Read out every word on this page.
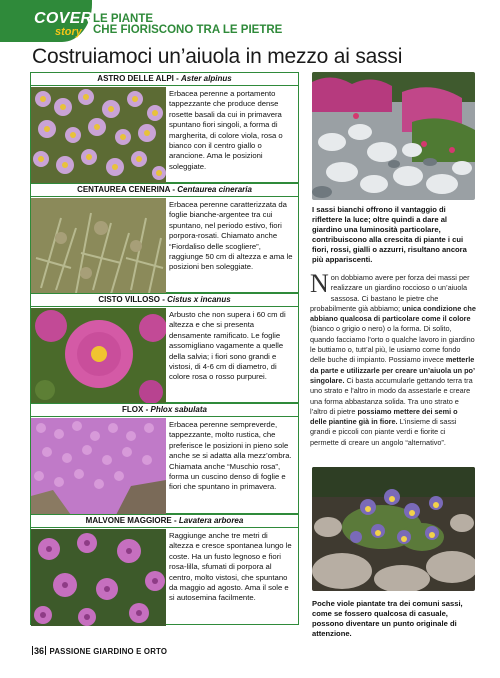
COVER
story
LE PIANTE
CHE FIORISCONO TRA LE PIETRE
Costruiamoci un’aiuola in mezzo ai sassi
ASTRO DELLE ALPI - Aster alpinus
Erbacea perenne a portamento tappezzante che produce dense rosette basali da cui in primavera spuntano fiori singoli, a forma di margherita, di colore viola, rosa o bianco con il centro giallo o arancione. Ama le posizioni soleggiate.
CENTAUREA CENERINA - Centaurea cineraria
Erbacea perenne caratterizzata da foglie bianche-argentee tra cui spuntano, nel periodo estivo, fiori porpora-rosati. Chiamato anche “Fiordaliso delle scogliere”, raggiunge 50 cm di altezza e ama le posizioni ben soleggiate.
CISTO VILLOSO - Cistus x incanus
Arbusto che non supera i 60 cm di altezza e che si presenta densamente ramificato. Le foglie assomigliano vagamente a quelle della salvia; i fiori sono grandi e vistosi, di 4-6 cm di diametro, di colore rosa o rosso purpurei.
FLOX - Phlox sabulata
Erbacea perenne sempreverde, tappezzante, molto rustica, che preferisce le posizioni in pieno sole anche se si adatta alla mezz’ombra. Chiamata anche “Muschio rosa”, forma un cuscino denso di foglie e fiori che spuntano in primavera.
MALVONE MAGGIORE - Lavatera arborea
Raggiunge anche tre metri di altezza e cresce spontanea lungo le coste. Ha un fusto legnoso e fiori rosa-lilla, sfumati di porpora al centro, molto vistosi, che spuntano da maggio ad agosto. Ama il sole e si autosemina facilmente.
I sassi bianchi offrono il vantaggio di riflettere la luce; oltre quindi a dare al giardino una luminosità particolare, contribuiscono alla crescita di piante i cui fiori, rossi, gialli o azzurri, risultano ancora più appariscenti.
Non dobbiamo avere per forza dei massi per realizzare un giardino roccioso o un’aiuola sassosa. Ci bastano le pietre che probabilmente già abbiamo; unica condizione che abbiano qualcosa di particolare come il colore (bianco o grigio o nero) o la forma. Di solito, quando facciamo l’orto o qualche lavoro in giardino le buttiamo o, tutt’al più, le usiamo come fondo delle buche di impianto. Possiamo invece metterle da parte e utilizzarle per creare un’aiuola un po’ singolare. Ci basta accumularle gettando terra tra uno strato e l’altro in modo da assestarle e creare una forma abbastanza solida. Tra uno strato e l’altro di pietre possiamo mettere dei semi o delle piantine già in fiore. L’insieme di sassi grandi e piccoli con piante verdi e fiorite ci permette di creare un angolo “alternativo”.
Poche viole piantate tra dei comuni sassi, come se fossero qualcosa di casuale, possono diventare un punto originale di attenzione.
36 PASSIONE GIARDINO E ORTO
